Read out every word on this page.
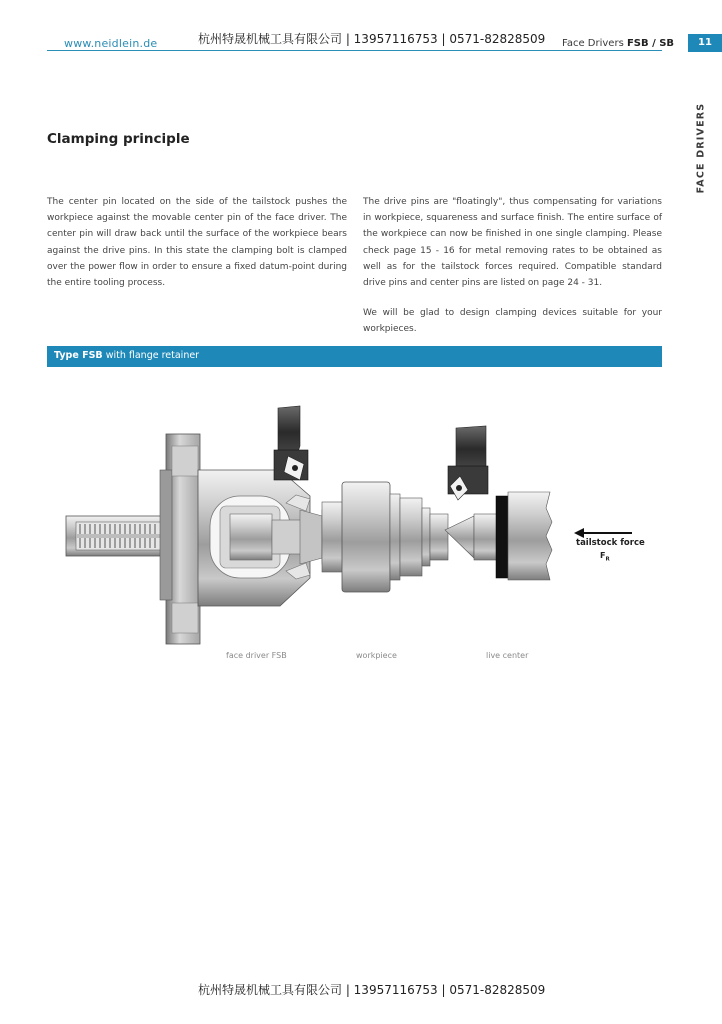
www.neidlein.de	杭州特晟机械工具有限公司 | 13957116753 | 0571-82828509 Face Drivers FSB / SB	11
FACE DRIVERS
Clamping principle
The center pin located on the side of the tailstock pushes the workpiece against the movable center pin of the face driver. The center pin will draw back until the surface of the workpiece bears against the drive pins. In this state the clamping bolt is clamped over the power flow in order to ensure a fixed datum-point during the entire tooling process.

The drive pins are "floatingly", thus compensating for variations in workpiece, squareness and surface finish. The entire surface of the workpiece can now be finished in one single clamping. Please check page 15 - 16 for metal removing rates to be obtained as well as for the tailstock forces required. Compatible standard drive pins and center pins are listed on page 24 - 31.

We will be glad to design clamping devices suitable for your workpieces.

Type FSB with flange retainer
face driver FSB	workpiece	live center
tailstock force
$F_R$
杭州特晟机械工具有限公司 | 13957116753 | 0571-82828509
